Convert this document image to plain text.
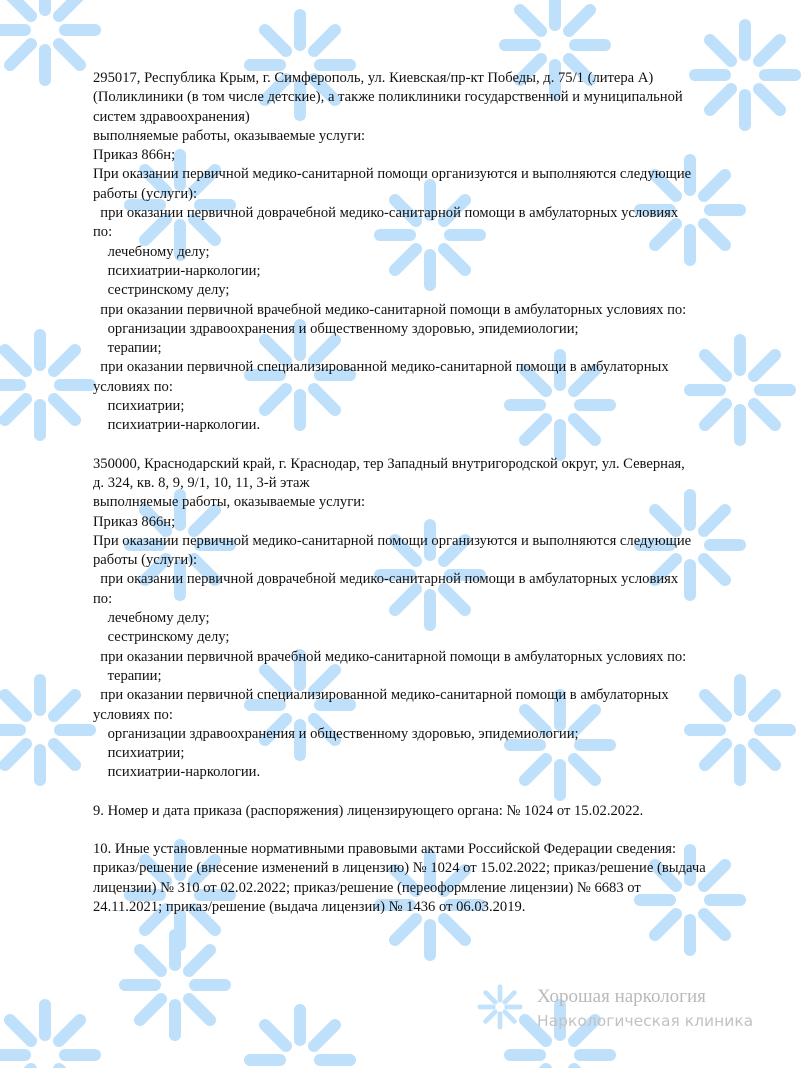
295017, Республика Крым, г. Симферополь, ул. Киевская/пр-кт Победы, д. 75/1 (литера А)
(Поликлиники (в том числе детские), а также поликлиники государственной и муниципальной
систем здравоохранения)
выполняемые работы, оказываемые услуги:
Приказ 866н;
При оказании первичной медико-санитарной помощи организуются и выполняются следующие
работы (услуги):
при оказании первичной доврачебной медико-санитарной помощи в амбулаторных условиях
по:
лечебному делу;
психиатрии-наркологии;
сестринскому делу;
при оказании первичной врачебной медико-санитарной помощи в амбулаторных условиях по:
организации здравоохранения и общественному здоровью, эпидемиологии;
терапии;
при оказании первичной специализированной медико-санитарной помощи в амбулаторных
условиях по:
психиатрии;
психиатрии-наркологии.
350000, Краснодарский край, г. Краснодар, тер Западный внутригородской округ, ул. Северная,
д. 324, кв. 8, 9, 9/1, 10, 11, 3-й этаж
выполняемые работы, оказываемые услуги:
Приказ 866н;
При оказании первичной медико-санитарной помощи организуются и выполняются следующие
работы (услуги):
при оказании первичной доврачебной медико-санитарной помощи в амбулаторных условиях
по:
лечебному делу;
сестринскому делу;
при оказании первичной врачебной медико-санитарной помощи в амбулаторных условиях по:
терапии;
при оказании первичной специализированной медико-санитарной помощи в амбулаторных
условиях по:
организации здравоохранения и общественному здоровью, эпидемиологии;
психиатрии;
психиатрии-наркологии.
9. Номер и дата приказа (распоряжения) лицензирующего органа: № 1024 от 15.02.2022.
10. Иные установленные нормативными правовыми актами Российской Федерации сведения:
приказ/решение (внесение изменений в лицензию) № 1024 от 15.02.2022; приказ/решение (выдача
лицензии) № 310 от 02.02.2022; приказ/решение (переоформление лицензии) № 6683 от
24.11.2021; приказ/решение (выдача лицензии) № 1436 от 06.03.2019.
Хорошая наркология
Наркологическая клиника
